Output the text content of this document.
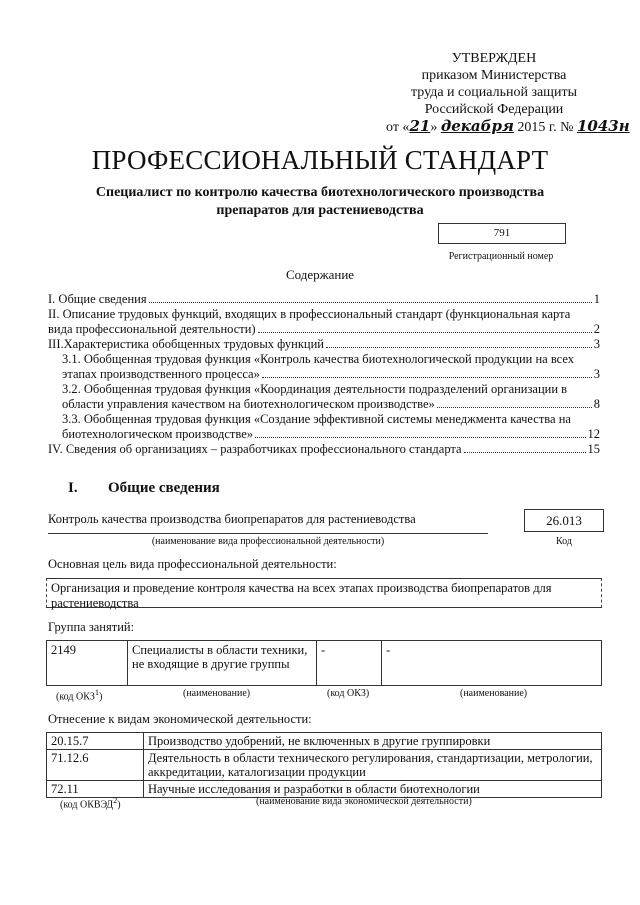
УТВЕРЖДЕН
приказом Министерства
труда и социальной защиты
Российской Федерации
от «21» декабря 2015 г. № 1043н
ПРОФЕССИОНАЛЬНЫЙ СТАНДАРТ
Специалист по контролю качества биотехнологического производства
препаратов для растениеводства
791
Регистрационный номер
Содержание
I. Общие сведения	1
II. Описание трудовых функций, входящих в профессиональный стандарт (функциональная карта
вида профессиональной деятельности)	2
III.Характеристика обобщенных трудовых функций	3
3.1. Обобщенная трудовая функция «Контроль качества биотехнологической продукции на всех
этапах производственного процесса»	3
3.2. Обобщенная трудовая функция «Координация деятельности подразделений организации в
области управления качеством на биотехнологическом производстве»	8
3.3. Обобщенная трудовая функция «Создание эффективной системы менеджмента качества на
биотехнологическом производстве»	12
IV. Сведения об организациях – разработчиках профессионального стандарта	15
I. Общие сведения
Контроль качества производства биопрепаратов для растениеводства
(наименование вида профессиональной деятельности)
26.013
Код
Основная цель вида профессиональной деятельности:
Организация и проведение контроля качества на всех этапах производства биопрепаратов для растениеводства
Группа занятий:
2149	Специалисты в области техники, не входящие в другие группы	-	-
(код ОКЗ$^1$)	(наименование)	(код ОКЗ)	(наименование)
Отнесение к видам экономической деятельности:
20.15.7	Производство удобрений, не включенных в другие группировки
71.12.6	Деятельность в области технического регулирования, стандартизации, метрологии, аккредитации, каталогизации продукции
72.11	Научные исследования и разработки в области биотехнологии
(код ОКВЭД$^2$)	(наименование вида экономической деятельности)
